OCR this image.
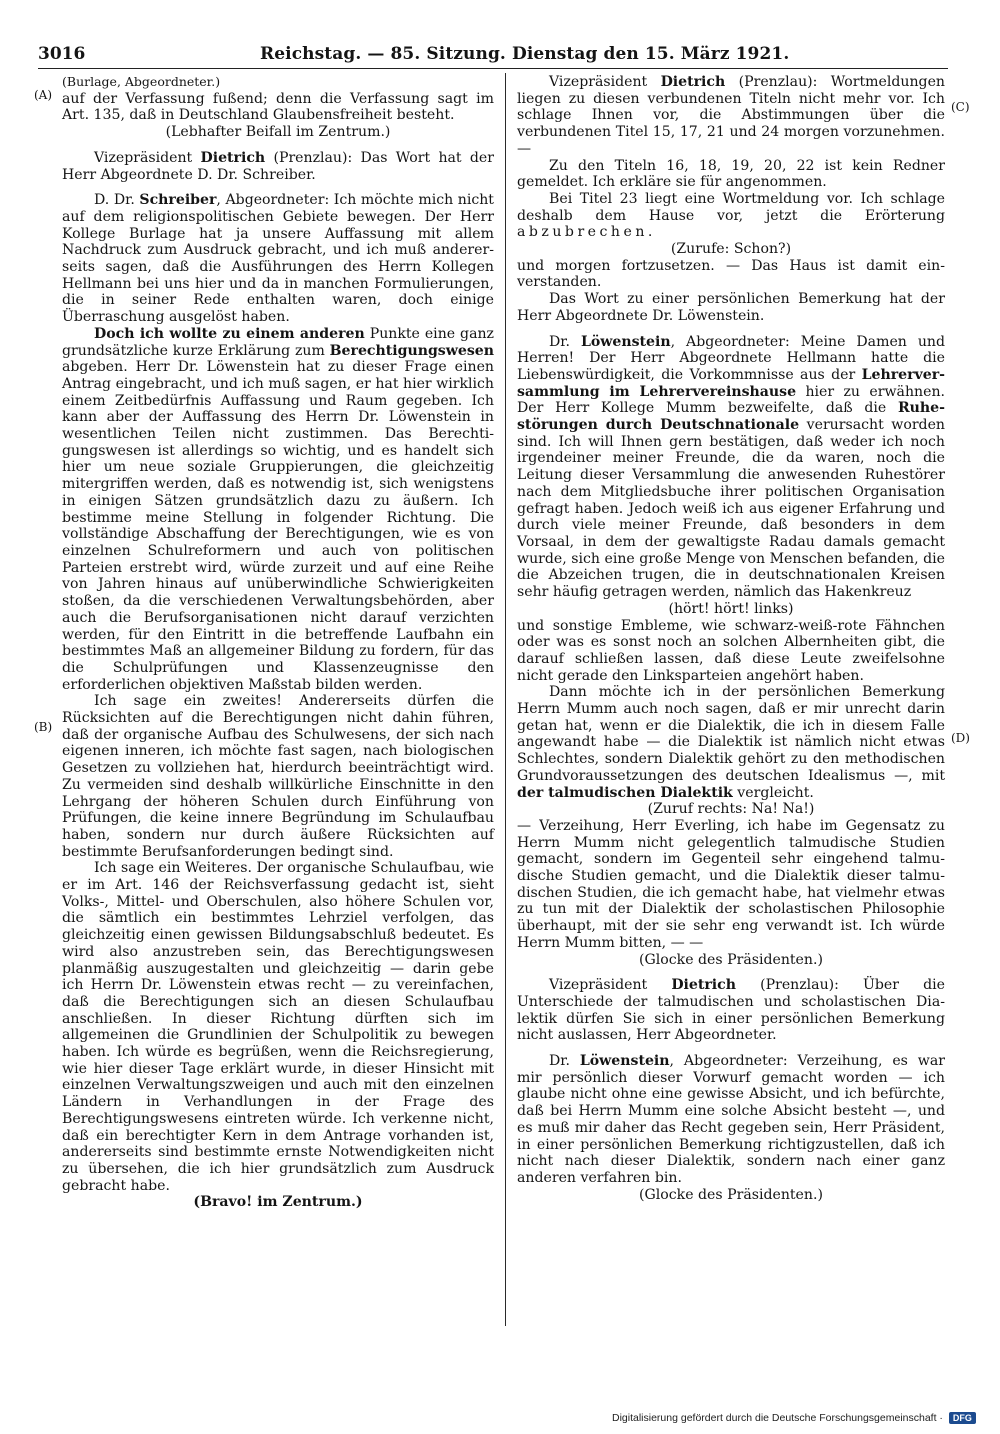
3016	Reichstag. — 85. Sitzung. Dienstag den 15. März 1921.
(A)
(B)
(C)
(D)

(Burlage, Abgeordneter.)

auf der Verfassung fußend; denn die Verfassung sagt im Art. 135, daß in Deutschland Glaubensfreiheit besteht.

(Lebhafter Beifall im Zentrum.)

Vizepräsident Dietrich (Prenzlau): Das Wort hat der Herr Abgeordnete D. Dr. Schreiber.

D. Dr. Schreiber, Abgeordneter: Ich möchte mich nicht auf dem religionspolitischen Gebiete bewegen. Der Herr Kollege Burlage hat ja unsere Auffassung mit allem Nachdruck zum Ausdruck gebracht, und ich muß andererseits sagen, daß die Ausführungen des Herrn Kollegen Hellmann bei uns hier und da in manchen Formulierungen, die in seiner Rede enthalten waren, doch einige Überraschung ausgelöst haben.

Doch ich wollte zu einem anderen Punkte eine ganz grundsätzliche kurze Erklärung zum Berechtigungswesen abgeben. Herr Dr. Löwenstein hat zu dieser Frage einen Antrag eingebracht, und ich muß sagen, er hat hier wirklich einem Zeitbedürfnis Auffassung und Raum gegeben. Ich kann aber der Auffassung des Herrn Dr. Löwenstein in wesentlichen Teilen nicht zustimmen. Das Berechtigungswesen ist allerdings so wichtig, und es handelt sich hier um neue soziale Gruppierungen, die gleichzeitig mitergriffen werden, daß es notwendig ist, sich wenigstens in einigen Sätzen grundsätzlich dazu zu äußern. Ich bestimme meine Stellung in folgender Richtung. Die vollständige Abschaffung der Berechtigungen, wie es von einzelnen Schulreformern und auch von politischen Parteien erstrebt wird, würde zurzeit und auf eine Reihe von Jahren hinaus auf unüberwindliche Schwierigkeiten stoßen, da die verschiedenen Verwaltungsbehörden, aber auch die Berufsorganisationen nicht darauf verzichten werden, für den Eintritt in die betreffende Laufbahn ein bestimmtes Maß an allgemeiner Bildung zu fordern, für das die Schulprüfungen und Klassenzeugnisse den erforderlichen objektiven Maßstab bilden werden.

Ich sage ein zweites! Andererseits dürfen die Rücksichten auf die Berechtigungen nicht dahin führen, daß der organische Aufbau des Schulwesens, der sich nach eigenen inneren, ich möchte fast sagen, nach biologischen Gesetzen zu vollziehen hat, hierdurch beeinträchtigt wird. Zu vermeiden sind deshalb willkürliche Einschnitte in den Lehrgang der höheren Schulen durch Einführung von Prüfungen, die keine innere Begründung im Schulaufbau haben, sondern nur durch äußere Rücksichten auf bestimmte Berufsanforderungen bedingt sind.

Ich sage ein Weiteres. Der organische Schulaufbau, wie er im Art. 146 der Reichsverfassung gedacht ist, sieht Volks-, Mittel- und Oberschulen, also höhere Schulen vor, die sämtlich ein bestimmtes Lehrziel verfolgen, das gleichzeitig einen gewissen Bildungsabschluß bedeutet. Es wird also anzustreben sein, das Berechtigungswesen planmäßig auszugestalten und gleichzeitig — darin gebe ich Herrn Dr. Löwenstein etwas recht — zu vereinfachen, daß die Berechtigungen sich an diesen Schulaufbau anschließen. In dieser Richtung dürften sich im allgemeinen die Grundlinien der Schulpolitik zu bewegen haben. Ich würde es begrüßen, wenn die Reichsregierung, wie hier dieser Tage erklärt wurde, in dieser Hinsicht mit einzelnen Verwaltungszweigen und auch mit den einzelnen Ländern in Verhandlungen in der Frage des Berechtigungswesens eintreten würde. Ich verkenne nicht, daß ein berechtigter Kern in dem Antrage vorhanden ist, andererseits sind bestimmte ernste Notwendigkeiten nicht zu übersehen, die ich hier grundsätzlich zum Ausdruck gebracht habe.

(Bravo! im Zentrum.)

Vizepräsident Dietrich (Prenzlau): Wortmeldungen liegen zu diesen verbundenen Titeln nicht mehr vor. Ich schlage Ihnen vor, die Abstimmungen über die verbundenen Titel 15, 17, 21 und 24 morgen vorzunehmen. —

Zu den Titeln 16, 18, 19, 20, 22 ist kein Redner gemeldet. Ich erkläre sie für angenommen.

Bei Titel 23 liegt eine Wortmeldung vor. Ich schlage deshalb dem Hause vor, jetzt die Erörterung abzubrechen.

(Zurufe: Schon?)

und morgen fortzusetzen. — Das Haus ist damit einverstanden.

Das Wort zu einer persönlichen Bemerkung hat der Herr Abgeordnete Dr. Löwenstein.

Dr. Löwenstein, Abgeordneter: Meine Damen und Herren! Der Herr Abgeordnete Hellmann hatte die Liebenswürdigkeit, die Vorkommnisse aus der Lehrerversammlung im Lehrervereinshause hier zu erwähnen. Der Herr Kollege Mumm bezweifelte, daß die Ruhestörungen durch Deutschnationale verursacht worden sind. Ich will Ihnen gern bestätigen, daß weder ich noch irgendeiner meiner Freunde, die da waren, noch die Leitung dieser Versammlung die anwesenden Ruhestörer nach dem Mitgliedsbuche ihrer politischen Organisation gefragt haben. Jedoch weiß ich aus eigener Erfahrung und durch viele meiner Freunde, daß besonders in dem Vorsaal, in dem der gewaltigste Radau damals gemacht wurde, sich eine große Menge von Menschen befanden, die die Abzeichen trugen, die in deutschnationalen Kreisen sehr häufig getragen werden, nämlich das Hakenkreuz

(hört! hört! links)

und sonstige Embleme, wie schwarz-weiß-rote Fähnchen oder was es sonst noch an solchen Albernheiten gibt, die darauf schließen lassen, daß diese Leute zweifelsohne nicht gerade den Linksparteien angehört haben.

Dann möchte ich in der persönlichen Bemerkung Herrn Mumm auch noch sagen, daß er mir unrecht darin getan hat, wenn er die Dialektik, die ich in diesem Falle angewandt habe — die Dialektik ist nämlich nicht etwas Schlechtes, sondern Dialektik gehört zu den methodischen Grundvoraussetzungen des deutschen Idealismus —, mit der talmudischen Dialektik vergleicht.

(Zuruf rechts: Na! Na!)

— Verzeihung, Herr Everling, ich habe im Gegensatz zu Herrn Mumm nicht gelegentlich talmudische Studien gemacht, sondern im Gegenteil sehr eingehend talmudische Studien gemacht, und die Dialektik dieser talmudischen Studien, die ich gemacht habe, hat vielmehr etwas zu tun mit der Dialektik der scholastischen Philosophie überhaupt, mit der sie sehr eng verwandt ist. Ich würde Herrn Mumm bitten, — —

(Glocke des Präsidenten.)

Vizepräsident Dietrich (Prenzlau): Über die Unterschiede der talmudischen und scholastischen Dialektik dürfen Sie sich in einer persönlichen Bemerkung nicht auslassen, Herr Abgeordneter.

Dr. Löwenstein, Abgeordneter: Verzeihung, es war mir persönlich dieser Vorwurf gemacht worden — ich glaube nicht ohne eine gewisse Absicht, und ich befürchte, daß bei Herrn Mumm eine solche Absicht besteht —, und es muß mir daher das Recht gegeben sein, Herr Präsident, in einer persönlichen Bemerkung richtigzustellen, daß ich nicht nach dieser Dialektik, sondern nach einer ganz anderen verfahren bin.

(Glocke des Präsidenten.)

Digitalisierung gefördert durch die Deutsche Forschungsgemeinschaft · DFG
